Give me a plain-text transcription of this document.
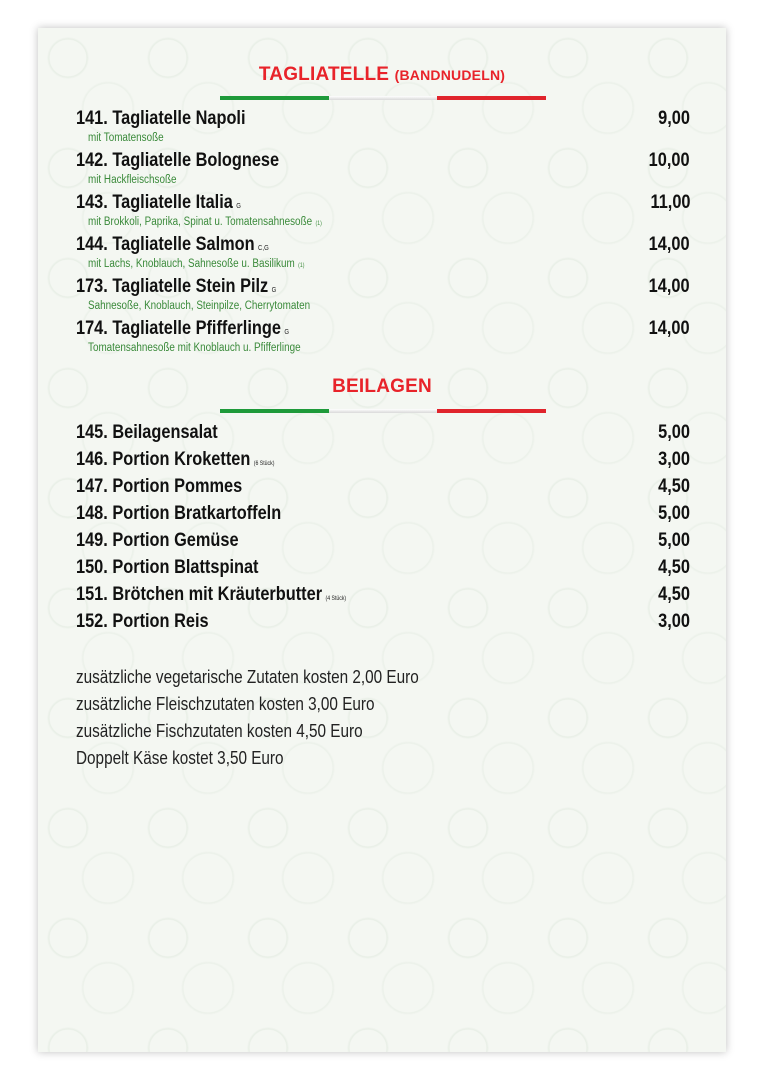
TAGLIATELLE (BANDNUDELN)
141. Tagliatelle Napoli
mit Tomatensoße
9,00
142. Tagliatelle Bolognese
mit Hackfleischsoße
10,00
143. Tagliatelle Italia G
mit Brokkoli, Paprika, Spinat u. Tomatensahnesoße (1)
11,00
144. Tagliatelle Salmon C,G
mit Lachs, Knoblauch, Sahnesoße u. Basilikum (1)
14,00
173. Tagliatelle Stein Pilz G
Sahnesoße, Knoblauch, Steinpilze, Cherrytomaten
14,00
174. Tagliatelle Pfifferlinge G
Tomatensahnesoße mit Knoblauch u. Pfifferlinge
14,00
BEILAGEN
145. Beilagensalat	5,00
146. Portion Kroketten (6 Stück)	3,00
147. Portion Pommes	4,50
148. Portion Bratkartoffeln	5,00
149. Portion Gemüse	5,00
150. Portion Blattspinat	4,50
151. Brötchen mit Kräuterbutter (4 Stück)	4,50
152. Portion Reis	3,00
zusätzliche vegetarische Zutaten kosten 2,00 Euro
zusätzliche Fleischzutaten kosten 3,00 Euro
zusätzliche Fischzutaten kosten 4,50 Euro
Doppelt Käse kostet 3,50 Euro
